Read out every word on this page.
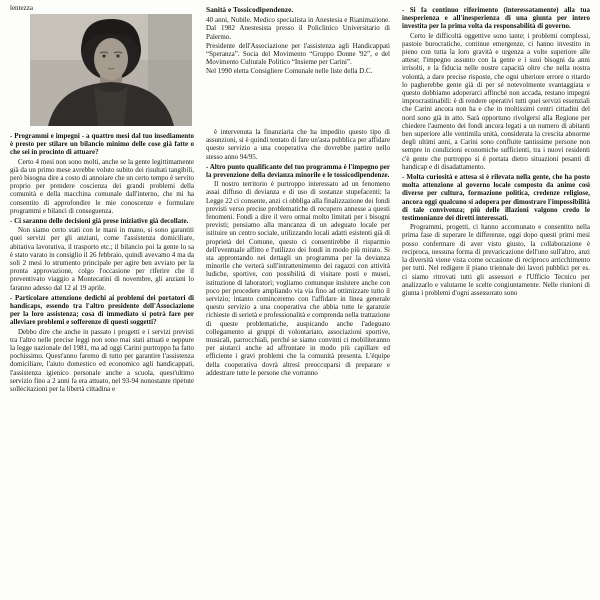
lentezza

- Programmi e impegni - a quattro mesi dal tuo insediamento è presto per stilare un bilancio minimo delle cose già fatte o che sei in procinto di attuare?

Certo 4 mesi non sono molti, anche se la gente legittimamente già da un primo mese avrebbe voluto subito dei risultati tangibili, però bisogna dire a costo di annoiare che un certo tempo è servito proprio per prendere coscienza dei grandi problemi della comunità e della macchina comunale dall'interno, che mi ha consentito di approfondire le mie conoscenze e formulare programmi e bilanci di conseguenza.

- Ci saranno delle decisioni già prese iniziative già decollate.

Non siamo certo stati con le mani in mano, si sono garantiti quei servizi per gli anziani, come l'assistenza domiciliare, abitativa lavorativa, il trasporto etc.; il bilancio poi la gente lo sa è stato varato in consiglio il 26 febbraio, quindi avevamo 4 ma da soli 2 mesi lo strumento principale per agire ben avviato per la pronta approvazione, colgo l'occasione per riferire che il preventivato viaggio a Montecatini di novembre, gli anziani lo faranno adesso dal 12 al 19 aprile.

- Particolare attenzione dedichi ai problemi dei portatori di handicaps, essendo tra l'altro presidente dell'Associazione per la loro assistenza; cosa di immediato si potrà fare per alleviare problemi e sofferenze di questi soggetti?

Debbo dire che anche in passato i progetti e i servizi previsti tra l'altro nelle precise leggi non sono mai stati attuati e neppure la legge nazionale del 1981, ma ad oggi Carini purtroppo ha fatto pochissimo. Quest'anno faremo di tutto per garantire l'assistenza domiciliare, l'aiuto domestico ed economico agli handicappati, l'assistenza igienico personale anche a scuola, quest'ultimo servizio fino a 2 anni fa era attuato, nel 93-94 nonostante ripetute sollecitazioni per la libertà cittadina e

Sanità e Tossicodipendenze.

40 anni, Nubile. Medico specialista in Anestesia e Rianimazione. Dal 1982 Anestesista presso il Policlinico Universitario di Palermo.

Presidente dell'Associazione per l'assistenza agli Handicappati “Speranza”. Socia del Movimento “Gruppo Donne '92”, e del Movimento Culturale Politico “Insieme per Carini”.

Nel 1990 eletta Consigliere Comunale nelle liste della D.C.

è intervenuta la finanziaria che ha impedito questo tipo di assunzioni, si è quindi tentato di fare un'asta pubblica per affidare questo servizio a una cooperativa che dovrebbe partire nello stesso anno 94/95.

- Altro punto qualificante del tuo programma è l'impegno per la prevenzione della devianza minorile e le tossicodipendenze.

Il nostro territorio è purtroppo interessato ad un fenomeno assai diffuso di devianza e di uso di sostanze stupefacenti; la Legge 22 ci consente, anzi ci obbliga alla finalizzazione dei fondi previsti verso precise problematiche di recupero annesse a questi fenomeni. Fondi a dire il vero ormai molto limitati per i bisogni previsti; pensiamo alla mancanza di un adeguato locale per istituire un centro sociale, utilizzando locali adatti esistenti già di proprietà del Comune, questo ci consentirebbe il risparmio dell'eventuale affitto e l'utilizzo dei fondi in modo più mirato. Si sta approntando nei dettagli un programma per la devianza minorile che verterà sull'intrattenimento dei ragazzi con attività ludiche, sportive, con possibilità di visitare posti e musei, istituzione di laboratori; vogliamo comunque insistere anche con poco per procedere ampliando via via fino ad ottimizzare tutto il servizio; intanto cominceremo con l'affidare in linea generale questo servizio a una cooperativa che abbia tutte le garanzie richieste di serietà e professionalità e comprenda nella trattazione di queste problematiche, auspicando anche l'adeguato collegamento ai gruppi di volontariato, associazioni sportive, musicali, parrocchiali, perché se siamo convinti ci mobiliteranno per aiutarci anche ad affrontare in modo più capillare ed efficiente i gravi problemi che la comunità presenta. L'équipe della cooperativa dovrà altresì preoccuparsi di preparare e addestrare tutte le persone che vorranno

- Si fa continuo riferimento (interessatamente) alla tua inesperienza e all'inesperienza di una giunta per intero investita per la prima volta da responsabilità di governo.

Certo le difficoltà oggettive sono tante; i problemi complessi, pastoie burocratiche, continue emergenze, ci hanno investito in pieno con tutta la loro gravità e urgenza a volte superiore alle attese; l'impegno assunto con la gente e i suoi bisogni da anni irrisolti, e la fiducia nelle nostre capacità oltre che nella nostra volontà, a dare precise risposte, che ogni ulteriore errore o ritardo lo pagherebbe gente già di per sé notevolmente svantaggiata e questo dobbiamo adoperarci affinché non accada, restano impegni improcrastinabili: è di rendere operativi tutti quei servizi essenziali che Carini ancora non ha e che in moltissimi centri cittadini del nord sono già in atto. Sarà opportuno rivolgersi alla Regione per chiedere l'aumento dei fondi ancora legati a un numero di abitanti ben superiore alle ventimila unità, considerata la crescita abnorme degli ultimi anni, a Carini sono confluite tantissime persone non sempre in condizioni economiche sufficienti, tra i nuovi residenti c'è gente che purtroppo si è portata dietro situazioni pesanti di handicap e di disadattamento.

- Molta curiosità e attesa si è rilevata nella gente, che ha posto molta attenzione al governo locale composto da anime così diverse per cultura, formazione politica, credenze religiose, ancora oggi qualcuno si adopera per dimostrare l'impossibilità di tale convivenza; più delle illazioni valgono credo le testimonianze dei diretti interessati.

Programmi, progetti, ci hanno accomunato e consentito nella prima fase di superare le differenze, oggi dopo questi primi mesi posso confermare di aver visto giusto, la collaborazione è reciproca, nessuna forma di prevaricazione dell'uno sull'altro, anzi la diversità viene vista come occasione di reciproco arricchimento per tutti. Nel redigere il piano triennale dei lavori pubblici per es. ci siamo ritrovati tutti gli assessori e l'Ufficio Tecnico per analizzarlo e valutarne le scelte congiuntamente. Nelle riunioni di giunta i problemi d'ogni assessorato sono
